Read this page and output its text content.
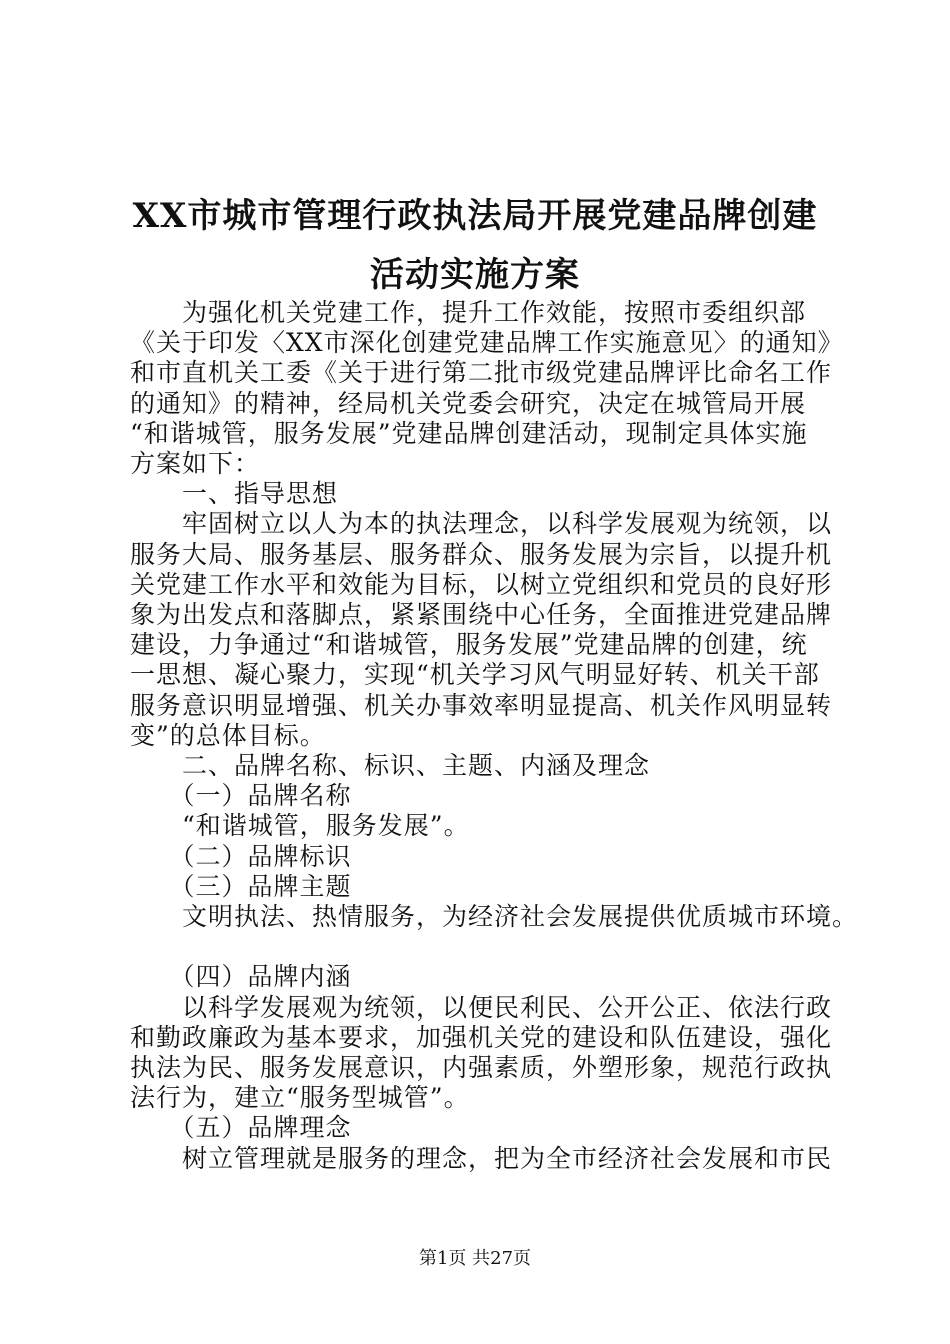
XX市城市管理行政执法局开展党建品牌创建
活动实施方案
　　为强化机关党建工作，提升工作效能，按照市委组织部
《关于印发〈XX市深化创建党建品牌工作实施意见〉的通知》
和市直机关工委《关于进行第二批市级党建品牌评比命名工作
的通知》的精神，经局机关党委会研究，决定在城管局开展
“和谐城管，服务发展”党建品牌创建活动，现制定具体实施
方案如下：
　　一、指导思想
　　牢固树立以人为本的执法理念，以科学发展观为统领，以
服务大局、服务基层、服务群众、服务发展为宗旨，以提升机
关党建工作水平和效能为目标，以树立党组织和党员的良好形
象为出发点和落脚点，紧紧围绕中心任务，全面推进党建品牌
建设，力争通过“和谐城管，服务发展”党建品牌的创建，统
一思想、凝心聚力，实现“机关学习风气明显好转、机关干部
服务意识明显增强、机关办事效率明显提高、机关作风明显转
变”的总体目标。
　　二、品牌名称、标识、主题、内涵及理念
　　（一）品牌名称
　　“和谐城管，服务发展”。
　　（二）品牌标识
　　（三）品牌主题
　　文明执法、热情服务，为经济社会发展提供优质城市环境。
　　（四）品牌内涵
　　以科学发展观为统领，以便民利民、公开公正、依法行政
和勤政廉政为基本要求，加强机关党的建设和队伍建设，强化
执法为民、服务发展意识，内强素质，外塑形象，规范行政执
法行为，建立“服务型城管”。
　　（五）品牌理念
　　树立管理就是服务的理念，把为全市经济社会发展和市民
第1页 共27页
